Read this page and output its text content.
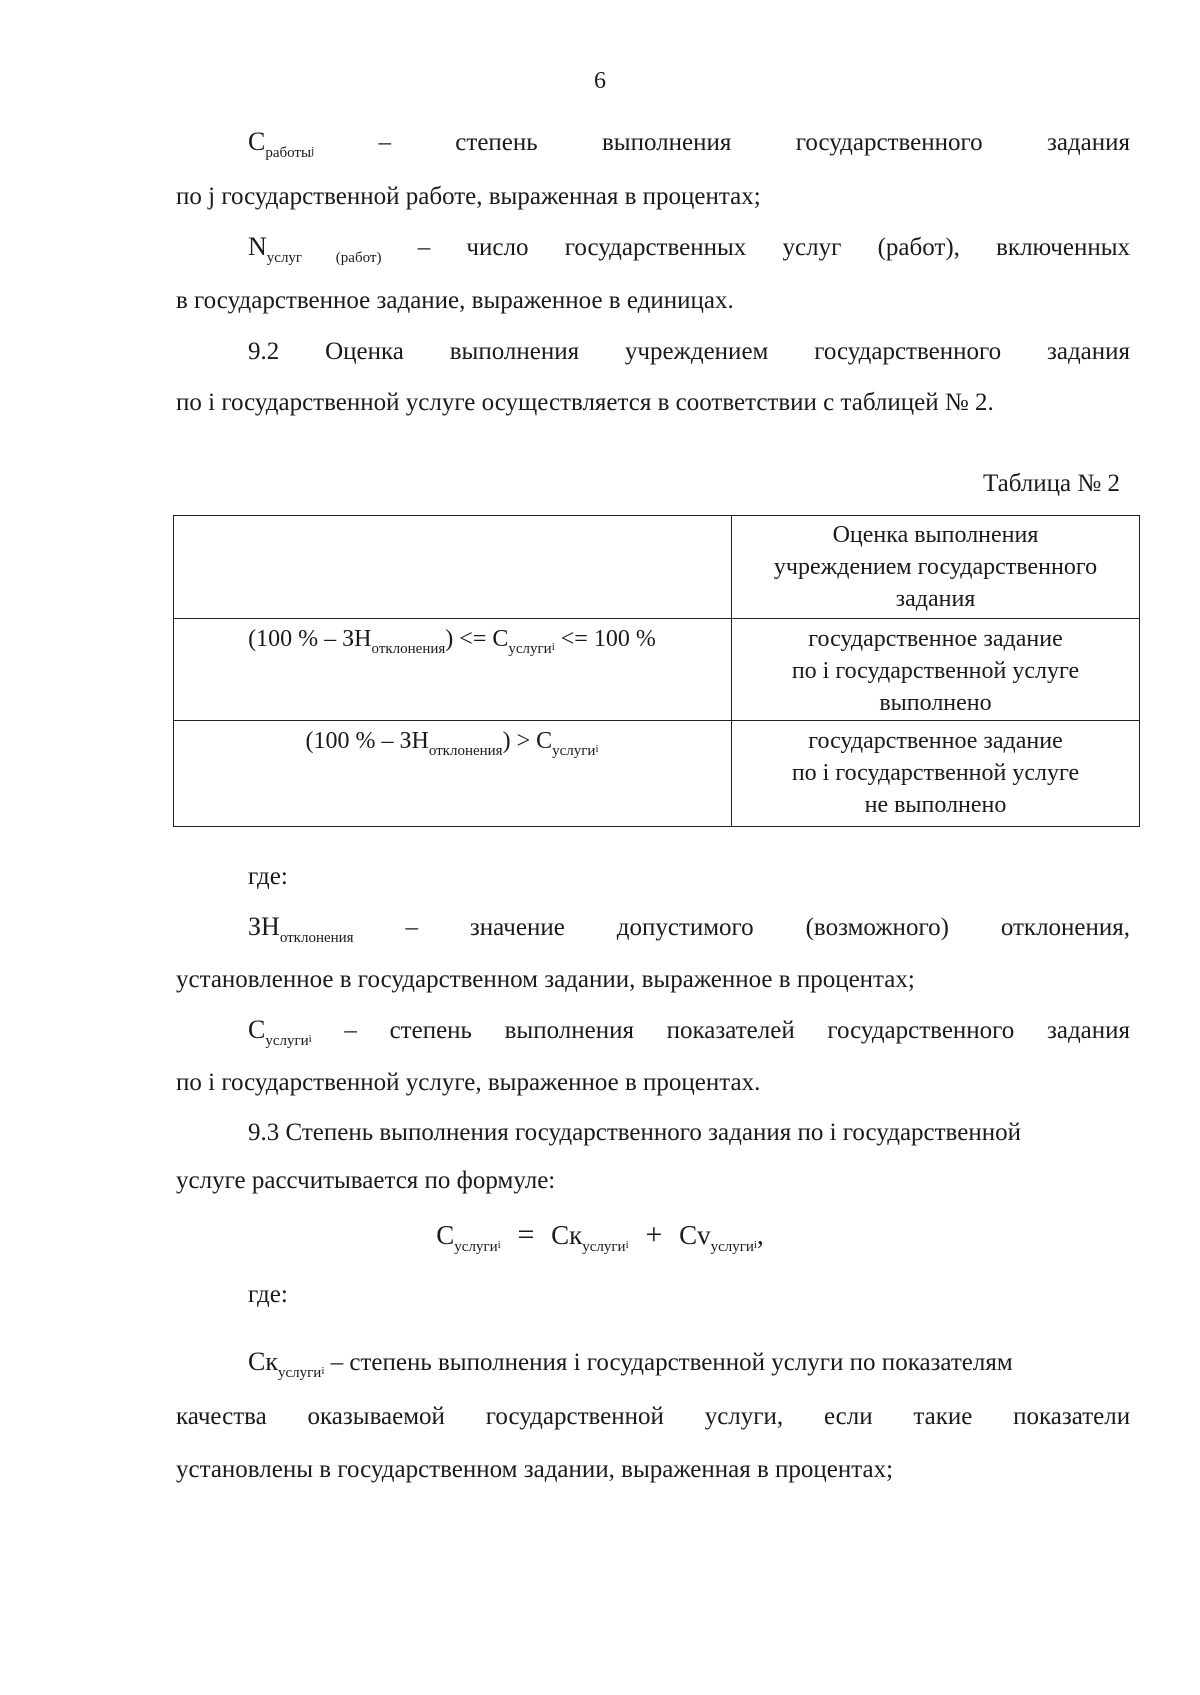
6
$C_{работы}j$	– степень	выполнения	государственного	задания
по j государственной работе, выраженная в процентах;
$N_{услуг (работ)}$ – число государственных услуг (работ), включенных
в государственное задание, выраженное в единицах.
9.2 Оценка выполнения учреждением государственного задания
по i государственной услуге осуществляется в соответствии с таблицей № 2.
Таблица № 2
Оценка выполнения
учреждением государственного
задания
(100 % – $ЗН_{отклонения}) <= С_{услуги}i <= 100$ %	государственное задание
по i государственной услуге
выполнено
(100 % – $ЗН_{отклонения}) > С_{услуги}i$	государственное задание
по i государственной услуге
не выполнено
где:
$ЗН_{отклонения}$ – значение допустимого (возможного) отклонения,
установленное в государственном задании, выраженное в процентах;
$С_{услуги}i$ – степень выполнения показателей государственного задания
по i государственной услуге, выраженное в процентах.
9.3 Степень выполнения государственного задания по i государственной
услуге рассчитывается по формуле:
$С_{услуги}i = Ск_{услуги}i + Сv_{услуги}i$,
где:
$Ск_{услуги}i$ – степень выполнения i государственной услуги по показателям
качества оказываемой государственной услуги, если такие показатели
установлены в государственном задании, выраженная в процентах;
